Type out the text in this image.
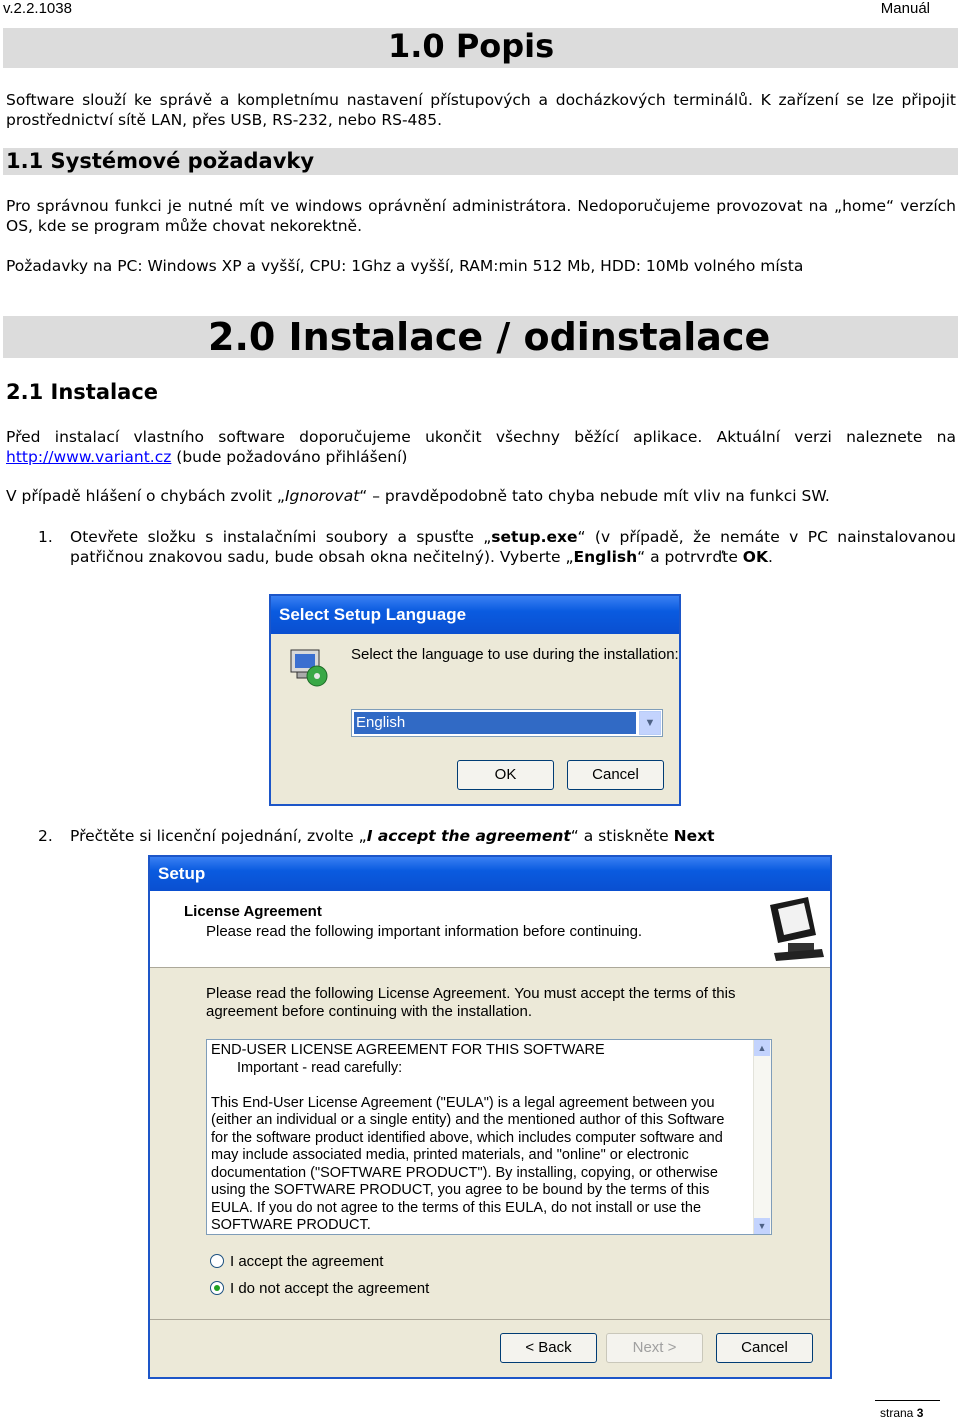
v.2.2.1038	Manuál
1.0 Popis
Software slouží ke správě a kompletnímu nastavení přístupových a docházkových terminálů. K zařízení se lze připojit prostřednictví sítě LAN, přes USB, RS-232, nebo RS-485.
1.1 Systémové požadavky
Pro správnou funkci je nutné mít ve windows oprávnění administrátora. Nedoporučujeme provozovat na „home“ verzích OS, kde se program může chovat nekorektně.
Požadavky na PC: Windows XP a vyšší, CPU: 1Ghz a vyšší, RAM:min 512 Mb, HDD: 10Mb volného místa
2.0 Instalace / odinstalace
2.1 Instalace
Před instalací vlastního software doporučujeme ukončit všechny běžící aplikace. Aktuální verzi naleznete na http://www.variant.cz (bude požadováno přihlášení)
V případě hlášení o chybách zvolit „Ignorovat“ – pravděpodobně tato chyba nebude mít vliv na funkci SW.
1. Otevřete složku s instalačními soubory a spusťte „setup.exe“ (v případě, že nemáte v PC nainstalovanou patřičnou znakovou sadu, bude obsah okna nečitelný). Vyberte „English“ a potrvrďte OK.
Select Setup Language
Select the language to use during the installation:
English	▼
OK	Cancel
2. Přečtěte si licenční pojednání, zvolte „I accept the agreement“ a stiskněte Next
Setup
License Agreement
Please read the following important information before continuing.
Please read the following License Agreement. You must accept the terms of this agreement before continuing with the installation.
END-USER LICENSE AGREEMENT FOR THIS SOFTWARE
Important - read carefully:
This End-User License Agreement ("EULA") is a legal agreement between you
(either an individual or a single entity) and the mentioned author of this Software
for the software product identified above, which includes computer software and
may include associated media, printed materials, and "online" or electronic
documentation ("SOFTWARE PRODUCT"). By installing, copying, or otherwise
using the SOFTWARE PRODUCT, you agree to be bound by the terms of this
EULA. If you do not agree to the terms of this EULA, do not install or use the
SOFTWARE PRODUCT.
▲
▼
I accept the agreement
I do not accept the agreement
< Back	Next >	Cancel
strana 3
